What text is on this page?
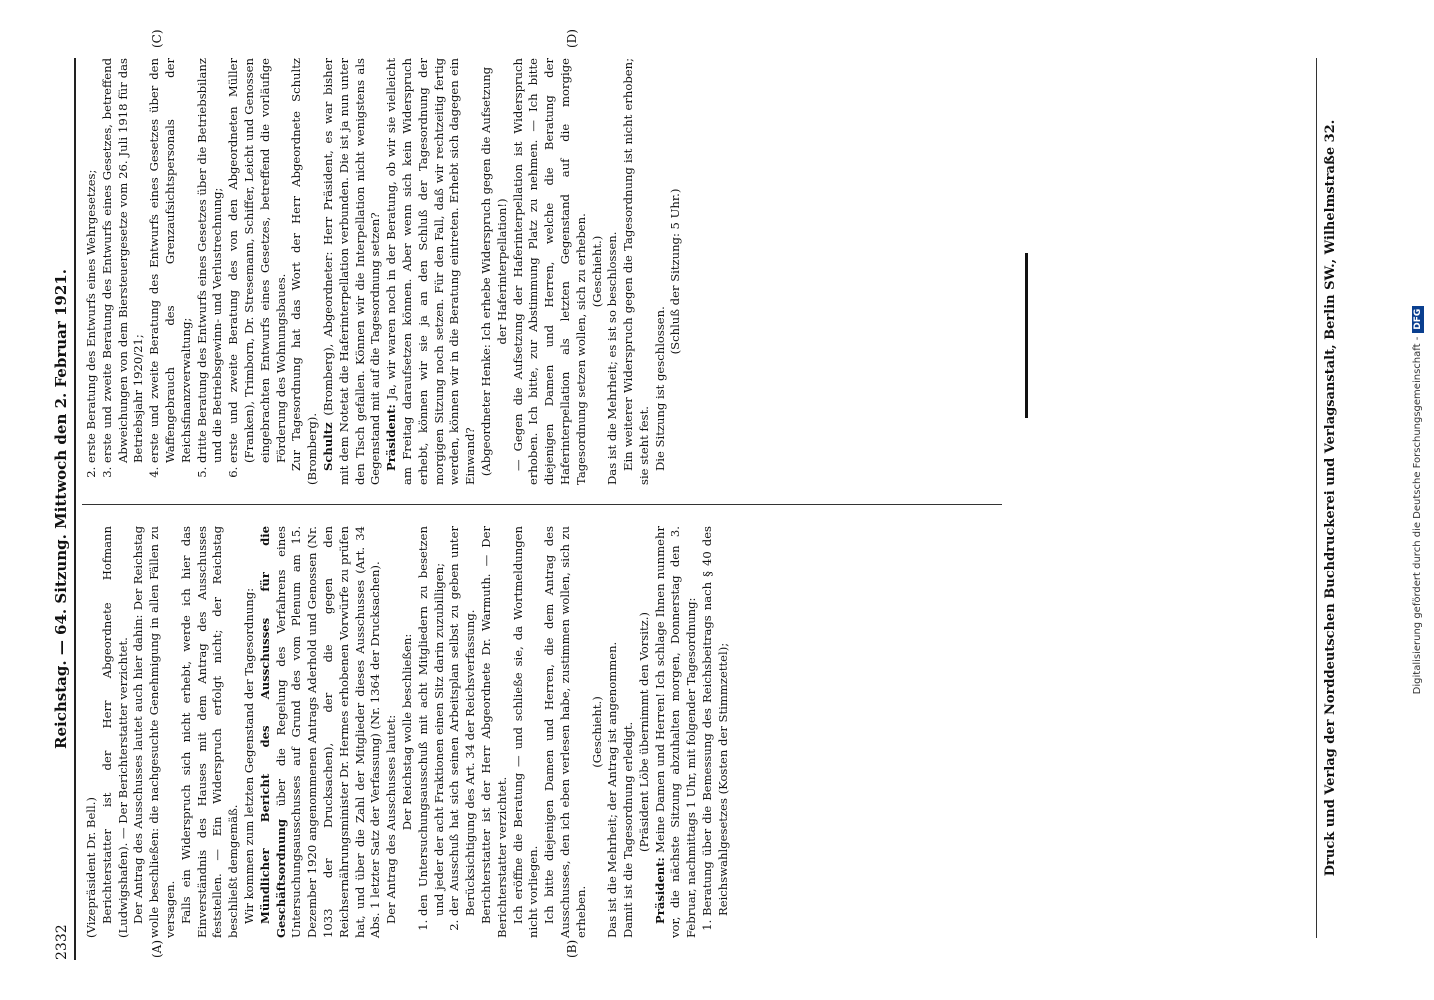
2332
Reichstag. — 64. Sitzung. Mittwoch den 2. Februar 1921.
(A)	(B)
(C)	(D)

(Vizepräsident Dr. Bell.) Berichterstatter ist der Herr Abgeordnete Hofmann (Ludwigshafen). — Der Berichterstatter verzichtet. Der Antrag des Ausschusses lautet auch hier dahin: Der Reichstag wolle beschließen: die nachgesuchte Genehmigung in allen Fällen zu versagen. Falls ein Widerspruch sich nicht erhebt, werde ich hier das Einverständnis des Hauses mit dem Antrag des Ausschusses feststellen. — Ein Widerspruch erfolgt nicht; der Reichstag beschließt demgemäß. Wir kommen zum letzten Gegenstand der Tagesordnung: Mündlicher Bericht des Ausschusses für die Geschäftsordnung über die Regelung des Verfahrens eines Untersuchungsausschusses auf Grund des vom Plenum am 15. Dezember 1920 angenommenen Antrags Aderhold und Genossen (Nr. 1033 der Drucksachen), der die gegen den Reichsernährungsminister Dr. Hermes erhobenen Vorwürfe zu prüfen hat, und über die Zahl der Mitglieder dieses Ausschusses (Art. 34 Abs. 1 letzter Satz der Verfassung) (Nr. 1364 der Drucksachen). Der Antrag des Ausschusses lautet: Der Reichstag wolle beschließen: 1. den Untersuchungsausschuß mit acht Mitgliedern zu besetzen und jeder der acht Fraktionen einen Sitz darin zuzubilligen; 2. der Ausschuß hat sich seinen Arbeitsplan selbst zu geben unter Berücksichtigung des Art. 34 der Reichsverfassung. Berichterstatter ist der Herr Abgeordnete Dr. Warmuth. — Der Berichterstatter verzichtet. Ich eröffne die Beratung — und schließe sie, da Wortmeldungen nicht vorliegen. Ich bitte diejenigen Damen und Herren, die dem Antrag des Ausschusses, den ich eben verlesen habe, zustimmen wollen, sich zu erheben.

(Geschieht.) Das ist die Mehrheit; der Antrag ist angenommen. Damit ist die Tagesordnung erledigt. (Präsident Löbe übernimmt den Vorsitz.)

Präsident: Meine Damen und Herren! Ich schlage Ihnen nunmehr vor, die nächste Sitzung abzuhalten morgen, Donnerstag den 3. Februar, nachmittags 1 Uhr, mit folgender Tagesordnung: 1. Beratung über die Bemessung des Reichsbeitrags nach § 40 des Reichswahlgesetzes (Kosten der Stimmzettel);
2. erste Beratung des Entwurfs eines Wehrgesetzes; 3. erste und zweite Beratung des Entwurfs eines Gesetzes, betreffend Abweichungen von dem Biersteuergesetze vom 26. Juli 1918 für das Betriebsjahr 1920/21; 4. erste und zweite Beratung des Entwurfs eines Gesetzes über den Waffengebrauch des Grenzaufsichtspersonals der Reichsfinanzverwaltung; 5. dritte Beratung des Entwurfs eines Gesetzes über die Betriebsbilanz und die Betriebsgewinn- und Verlustrechnung; 6. erste und zweite Beratung des von den Abgeordneten Müller (Franken), Trimborn, Dr. Stresemann, Schiffer, Leicht und Genossen eingebrachten Entwurfs eines Gesetzes, betreffend die vorläufige Förderung des Wohnungsbaues. Zur Tagesordnung hat das Wort der Herr Abgeordnete Schultz (Bromberg). Schultz (Bromberg), Abgeordneter: Herr Präsident, es war bisher mit dem Notetat die Haferinterpellation verbunden. Die ist ja nun unter den Tisch gefallen. Können wir die Interpellation nicht wenigstens als Gegenstand mit auf die Tagesordnung setzen? Präsident: Ja, wir waren noch in der Beratung, ob wir sie vielleicht am Freitag daraufsetzen können. Aber wenn sich kein Widerspruch erhebt, können wir sie ja an den Schluß der Tagesordnung der morgigen Sitzung noch setzen. Für den Fall, daß wir rechtzeitig fertig werden, können wir in die Beratung eintreten. Erhebt sich dagegen ein Einwand? (Abgeordneter Henke: Ich erhebe Widerspruch gegen die Aufsetzung der Haferinterpellation!) — Gegen die Aufsetzung der Haferinterpellation ist Widerspruch erhoben. Ich bitte, zur Abstimmung Platz zu nehmen. — Ich bitte diejenigen Damen und Herren, welche die Beratung der Haferinterpellation als letzten Gegenstand auf die morgige Tagesordnung setzen wollen, sich zu erheben. (Geschieht.) Das ist die Mehrheit; es ist so beschlossen. Ein weiterer Widerspruch gegen die Tagesordnung ist nicht erhoben; sie steht fest. Die Sitzung ist geschlossen.

(Schluß der Sitzung: 5 Uhr.)	Druck und Verlag der Norddeutschen Buchdruckerei und Verlagsanstalt, Berlin SW., Wilhelmstraße 32.	Digitalisierung gefördert durch die Deutsche Forschungsgemeinschaft -DFG
